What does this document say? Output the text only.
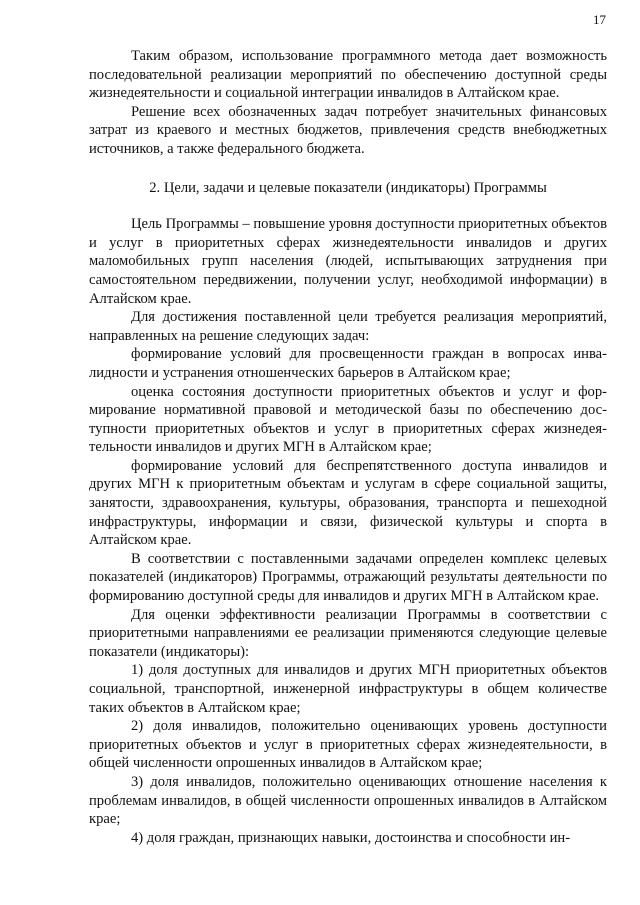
17

Таким образом, использование программного метода дает возможность последовательной реализации мероприятий по обеспечению доступной среды жизнедеятельности и социальной интеграции инвалидов в Алтайском крае.

Решение всех обозначенных задач потребует значительных финансовых затрат из краевого и местных бюджетов, привлечения средств внебюджетных источников, а также федерального бюджета.

2. Цели, задачи и целевые показатели (индикаторы) Программы

Цель Программы – повышение уровня доступности приоритетных объектов и услуг в приоритетных сферах жизнедеятельности инвалидов и других маломобильных групп населения (людей, испытывающих затруднения при самостоятельном передвижении, получении услуг, необходимой информации) в Алтайском крае.

Для достижения поставленной цели требуется реализация мероприятий, направленных на решение следующих задач:

формирование условий для просвещенности граждан в вопросах инвалидности и устранения отношенческих барьеров в Алтайском крае;

оценка состояния доступности приоритетных объектов и услуг и формирование нормативной правовой и методической базы по обеспечению доступности приоритетных объектов и услуг в приоритетных сферах жизнедеятельности инвалидов и других МГН в Алтайском крае;

формирование условий для беспрепятственного доступа инвалидов и других МГН к приоритетным объектам и услугам в сфере социальной защиты, занятости, здравоохранения, культуры, образования, транспорта и пешеходной инфраструктуры, информации и связи, физической культуры и спорта в Алтайском крае.

В соответствии с поставленными задачами определен комплекс целевых показателей (индикаторов) Программы, отражающий результаты деятельности по формированию доступной среды для инвалидов и других МГН в Алтайском крае.

Для оценки эффективности реализации Программы в соответствии с приоритетными направлениями ее реализации применяются следующие целевые показатели (индикаторы):

1) доля доступных для инвалидов и других МГН приоритетных объектов социальной, транспортной, инженерной инфраструктуры в общем количестве таких объектов в Алтайском крае;

2) доля инвалидов, положительно оценивающих уровень доступности приоритетных объектов и услуг в приоритетных сферах жизнедеятельности, в общей численности опрошенных инвалидов в Алтайском крае;

3) доля инвалидов, положительно оценивающих отношение населения к проблемам инвалидов, в общей численности опрошенных инвалидов в Алтайском крае;

4) доля граждан, признающих навыки, достоинства и способности ин-
